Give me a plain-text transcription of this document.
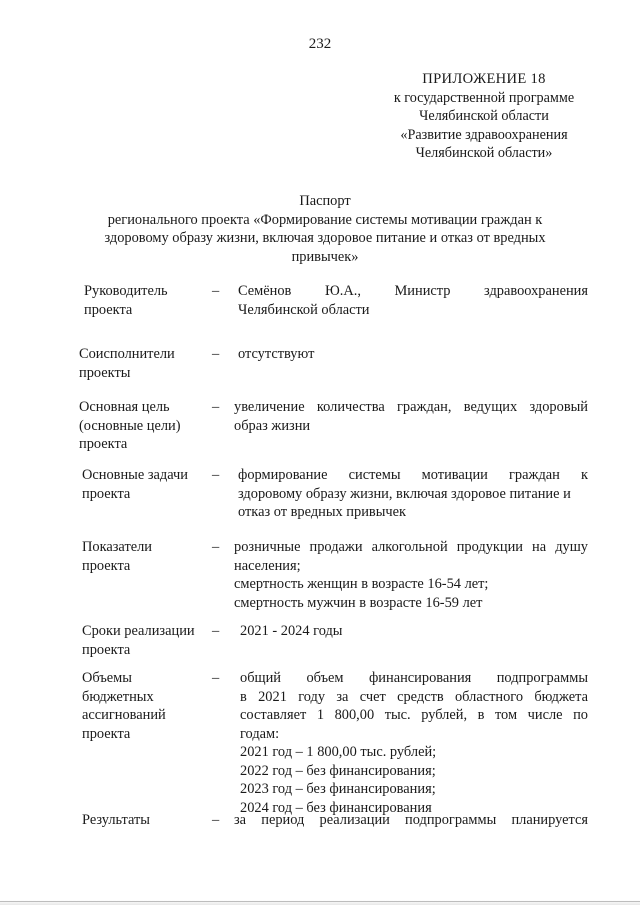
232
ПРИЛОЖЕНИЕ 18
к государственной программе
Челябинской области
«Развитие здравоохранения
Челябинской области»
Паспорт
регионального проекта «Формирование системы мотивации граждан к
здоровому образу жизни, включая здоровое питание и отказ от вредных
привычек»
Руководитель
проекта
– Семёнов Ю.А., Министр здравоохранения
Челябинской области
Соисполнители
проекты
– отсутствуют
Основная цель
(основные цели)
проекта
– увеличение количества граждан, ведущих здоровый
образ жизни
Основные задачи
проекта
– формирование системы мотивации граждан к
здоровому образу жизни, включая здоровое питание и
отказ от вредных привычек
Показатели
проекта
– розничные продажи алкогольной продукции на душу
населения;
смертность женщин в возрасте 16-54 лет;
смертность мужчин в возрасте 16-59 лет
Сроки реализации
проекта
– 2021 - 2024 годы
Объемы
бюджетных
ассигнований
проекта
– общий объем финансирования подпрограммы
в 2021 году за счет средств областного бюджета
составляет 1 800,00 тыс. рублей, в том числе по
годам:
2021 год – 1 800,00 тыс. рублей;
2022 год – без финансирования;
2023 год – без финансирования;
2024 год – без финансирования
Результаты	– за период реализации подпрограммы планируется
